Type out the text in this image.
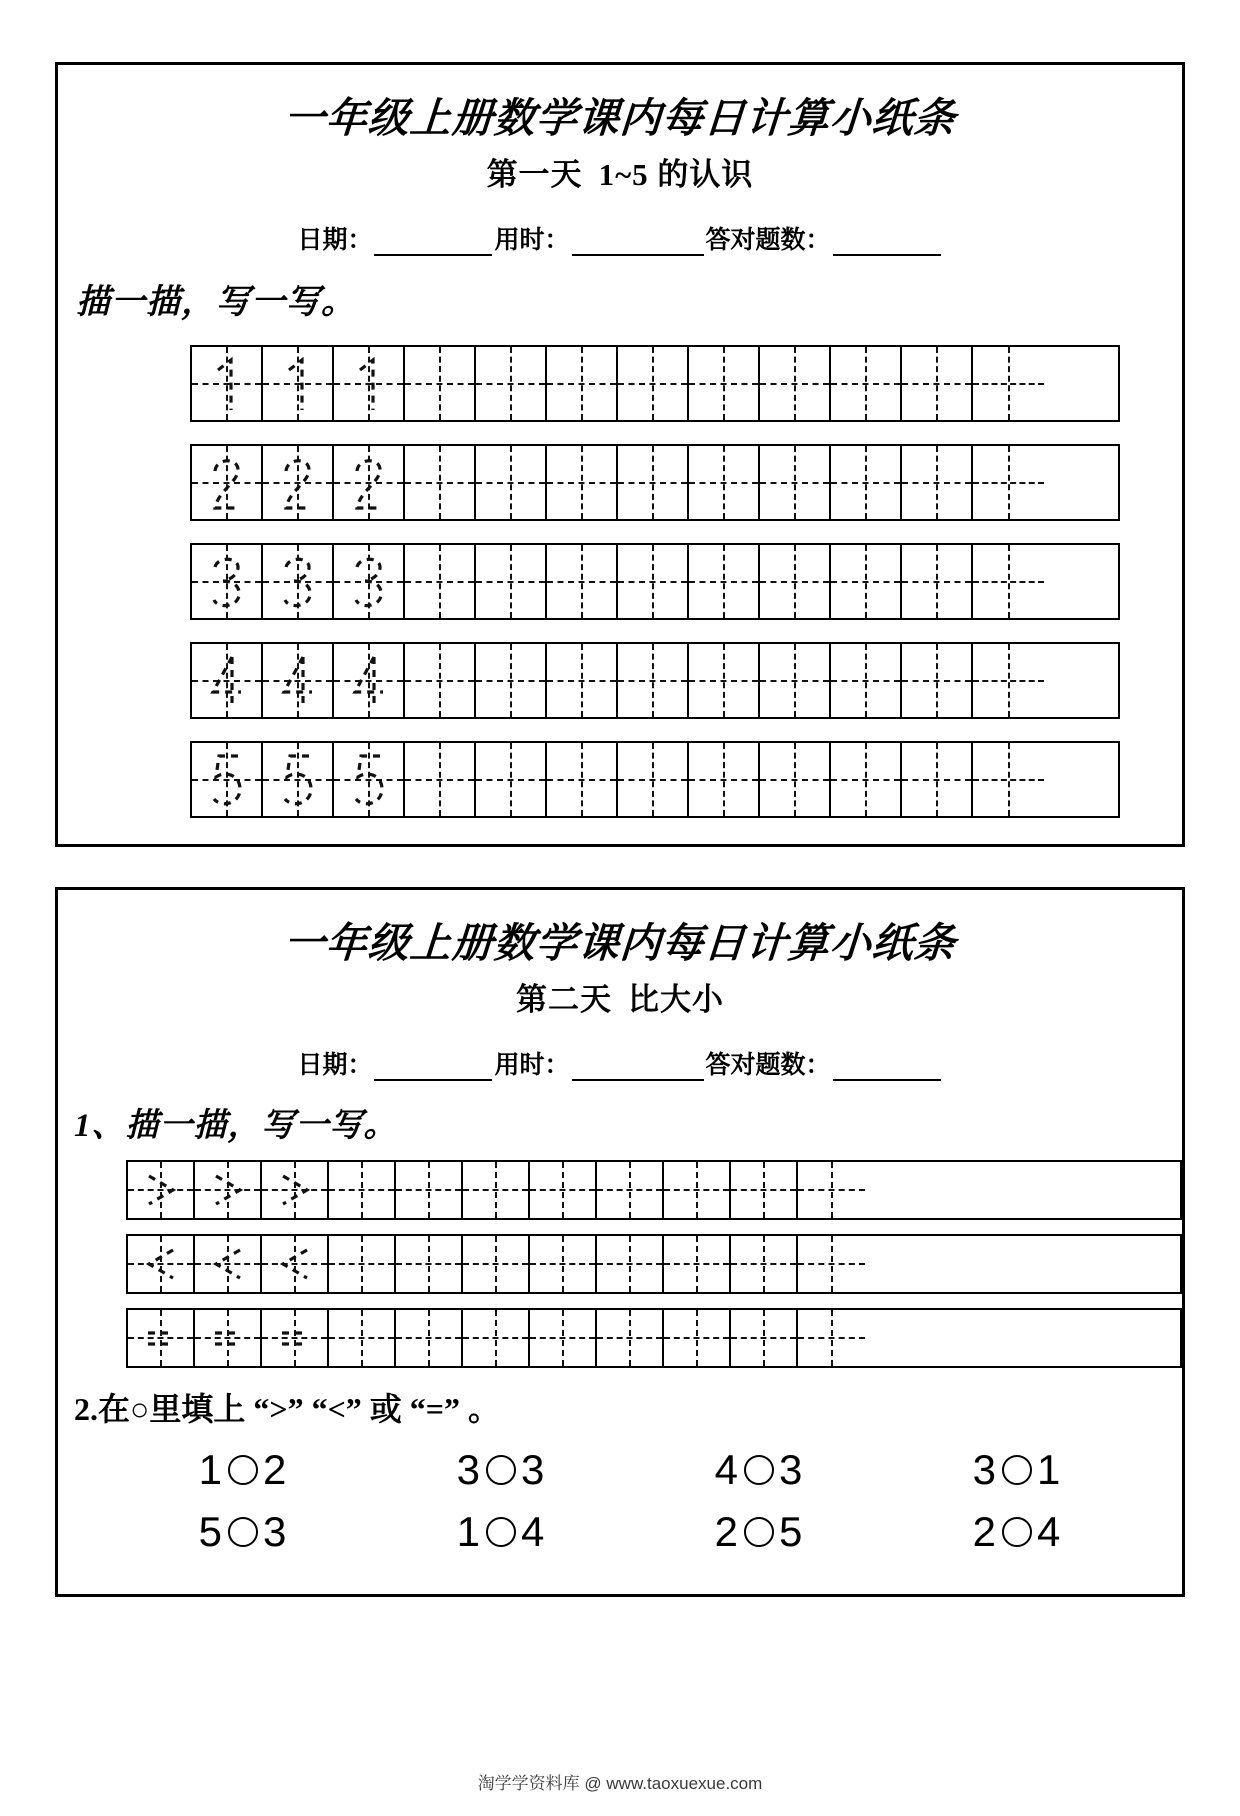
一年级上册数学课内每日计算小纸条
第一天 1~5 的认识
日期：	用时：	答对题数：
描一描，写一写。
一年级上册数学课内每日计算小纸条
第二天 比大小
日期：	用时：	答对题数：
1、描一描，写一写。
2.在○里填上 “>” “<” 或 “=” 。
1 2	3 3	4 3	3 1
5 3	1 4	2 5	2 4
淘学学资料库 @ www.taoxuexue.com
